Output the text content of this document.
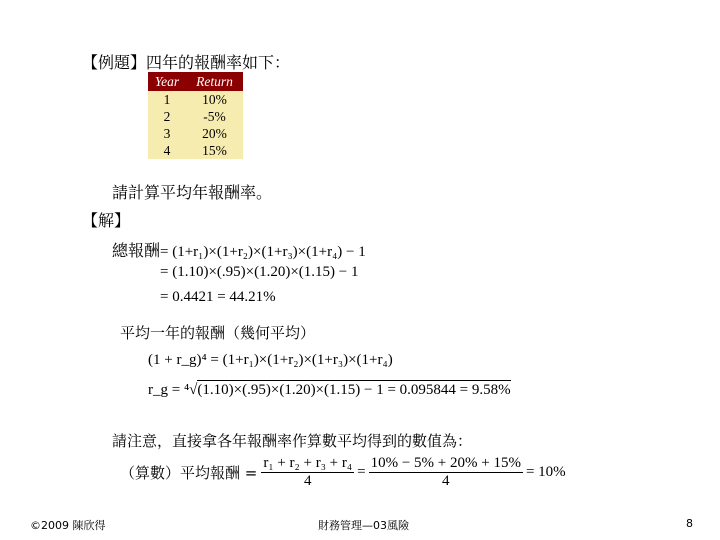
【例題】四年的報酬率如下：
Year	Return
1	10%
2	-5%
3	20%
4	15%
請計算平均年報酬率。
【解】
總報酬= (1+r₁)×(1+r₂)×(1+r₃)×(1+r₄) − 1
= (1.10)×(.95)×(1.20)×(1.15) − 1
= 0.4421 = 44.21%
平均一年的報酬（幾何平均）
(1 + r_g)⁴ = (1+r₁)×(1+r₂)×(1+r₃)×(1+r₄)
r_g = ⁴√(1.10)×(.95)×(1.20)×(1.15) − 1 = 0.095844 = 9.58%
請注意，直接拿各年報酬率作算數平均得到的數值為：
（算數）平均報酬 = $\frac{\text{r₁ + r₂ + r₃ + r₄}}{4} = \frac{10\% - 5\% + 20\% + 15\%}{4} = 10\%$
©2009 陳欣得	財務管理—03風險	8
